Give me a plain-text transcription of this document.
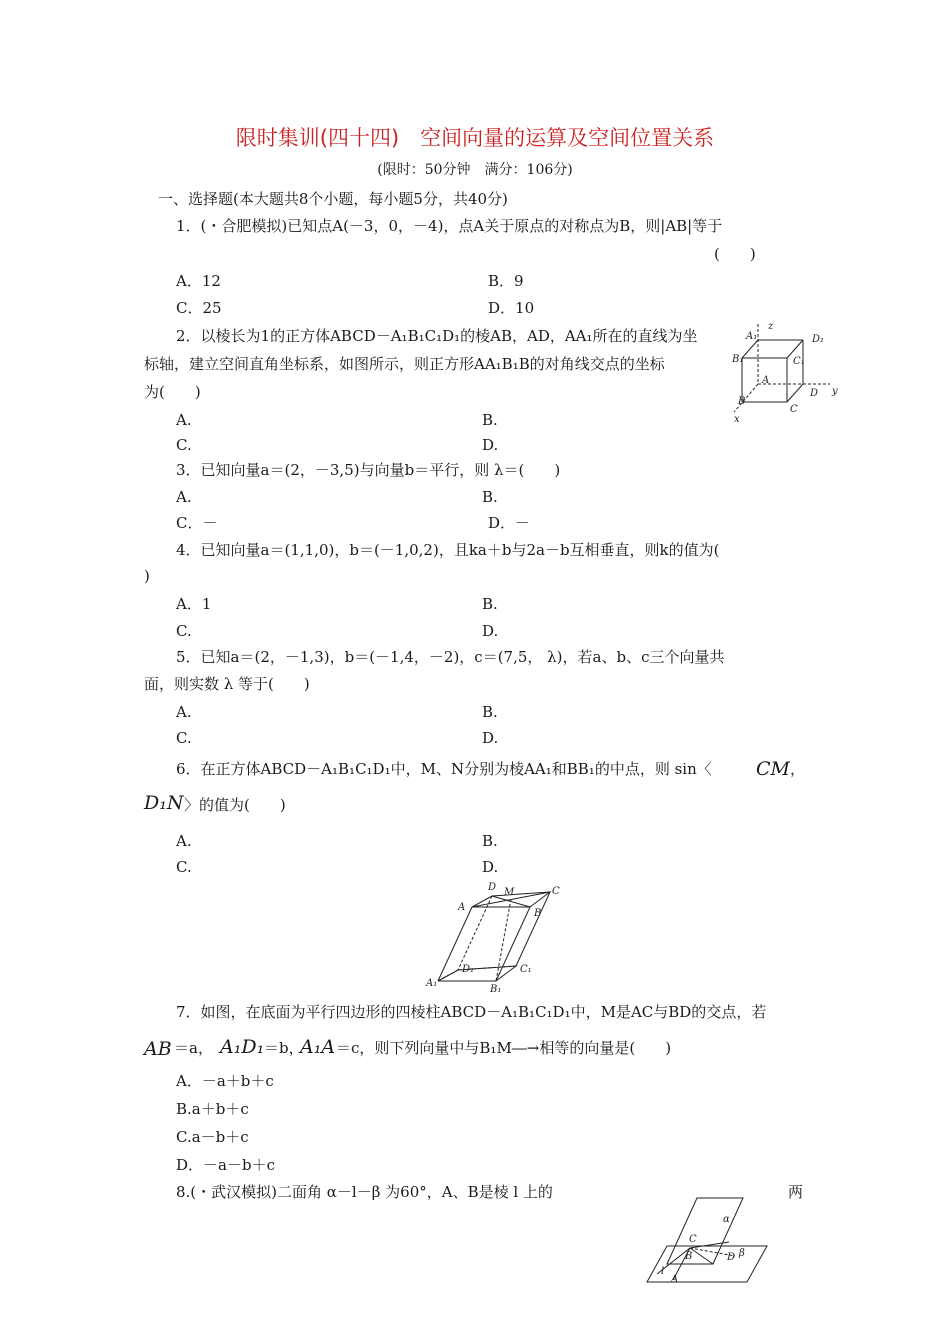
限时集训(四十四)　空间向量的运算及空间位置关系
(限时：50分钟　满分：106分)
一、选择题(本大题共8个小题，每小题5分，共40分)
1．(・合肥模拟)已知点A(－3，0，－4)，点A关于原点的对称点为B，则|AB|等于
(　　)
A．12	B．9
C．25	D．10
2．以棱长为1的正方体ABCD－A₁B₁C₁D₁的棱AB，AD，AA₁所在的直线为坐
标轴，建立空间直角坐标系，如图所示，则正方形AA₁B₁B的对角线交点的坐标
为(　　)
A.	B.
C.	D.
z
A₁	D₁
B₁	C₁
A
D y
B
C
x
3．已知向量a＝(2，－3,5)与向量b＝平行，则 λ＝(　　)
A.	B.
C．－	D．－
4．已知向量a＝(1,1,0)，b＝(－1,0,2)，且ka＋b与2a－b互相垂直，则k的值为(
)
A．1	B.
C.	D.
5．已知a＝(2，－1,3)，b＝(－1,4，－2)，c＝(7,5， λ)，若a、b、c三个向量共
面，则实数 λ 等于(　　)
A.	B.
C.	D.
6．在正方体ABCD－A₁B₁C₁D₁中，M、N分别为棱AA₁和BB₁的中点，则 sin〈 CM ，
D₁N 〉的值为(　　)
A.	B.
C.	D.
D M	C
A
B
D₁	C₁
A₁
B₁
7．如图，在底面为平行四边形的四棱柱ABCD－A₁B₁C₁D₁中，M是AC与BD的交点，若
AB ＝a， A₁D₁ ＝b，
A₁A ＝c，则下列向量中与B₁M―→相等的向量是(　　)
A．－a＋b＋c
B.a＋b＋c
C.a－b＋c
D．－a－b＋c
8.(・武汉模拟)二面角 α－l－β 为60°，A、B是棱 l 上的	两
α
C
B	D β
l
A
